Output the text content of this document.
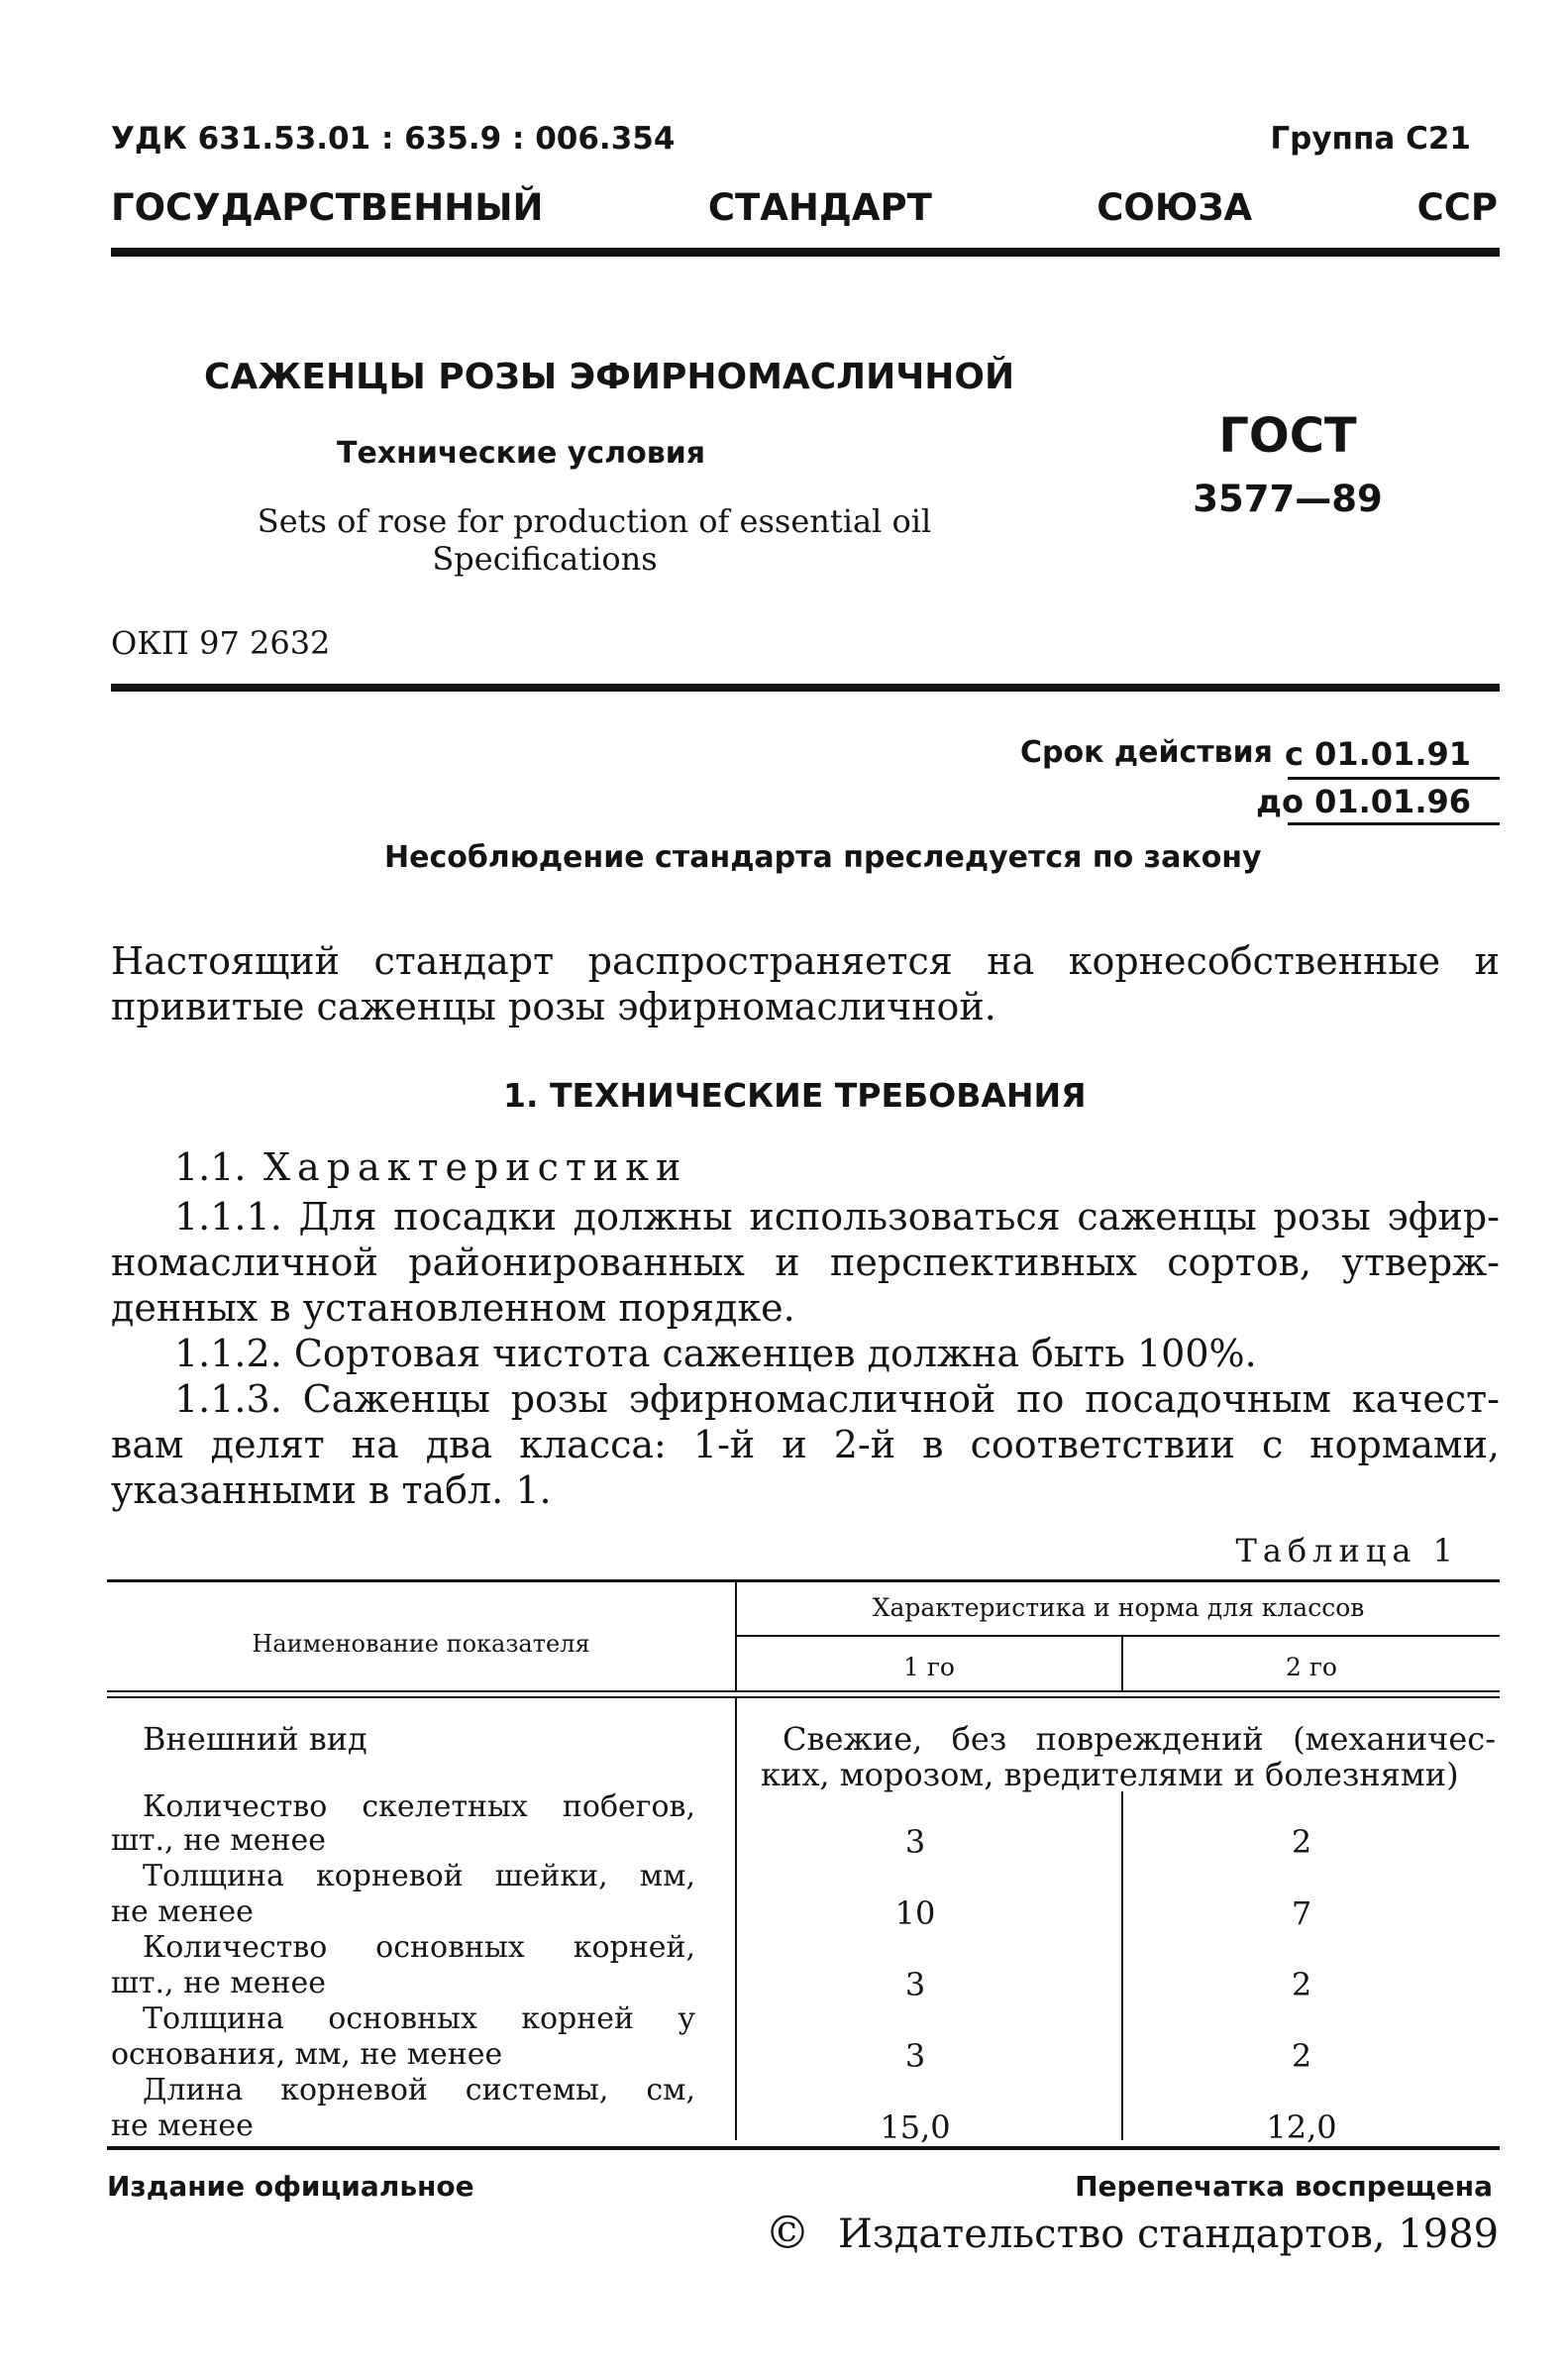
УДК 631.53.01 : 635.9 : 006.354	Группа С21
ГОСУДАРСТВЕННЫЙ СТАНДАРТ СОЮЗА ССР
САЖЕНЦЫ РОЗЫ ЭФИРНОМАСЛИЧНОЙ
Технические условия
Sets of rose for production of essential oil
Specifications
ГОСТ
3577—89
ОКП 97 2632
Срок действия с 01.01.91
до 01.01.96
Несоблюдение стандарта преследуется по закону
Настоящий стандарт распространяется на корнесобственные и
привитые саженцы розы эфирномасличной.
1. ТЕХНИЧЕСКИЕ ТРЕБОВАНИЯ
1.1. Характеристики
1.1.1. Для посадки должны использоваться саженцы розы эфир-
номасличной районированных и перспективных сортов, утверж-
денных в установленном порядке.
1.1.2. Сортовая чистота саженцев должна быть 100%.
1.1.3. Саженцы розы эфирномасличной по посадочным качест-
вам делят на два класса: 1-й и 2-й в соответствии с нормами,
указанными в табл. 1.
Таблица 1
Наименование показателя
Характеристика и норма для классов
1 го	2 го
Внешний вид	Свежие, без повреждений (механичес-
ких, морозом, вредителями и болезнями)
Количество скелетных побегов,
шт., не менее	3	2
Толщина корневой шейки, мм,
не менее	10	7
Количество основных корней,
шт., не менее	3	2
Толщина основных корней у
основания, мм, не менее	3	2
Длина корневой системы, см,
не менее	15,0	12,0
Издание официальное	Перепечатка воспрещена
© Издательство стандартов, 1989
